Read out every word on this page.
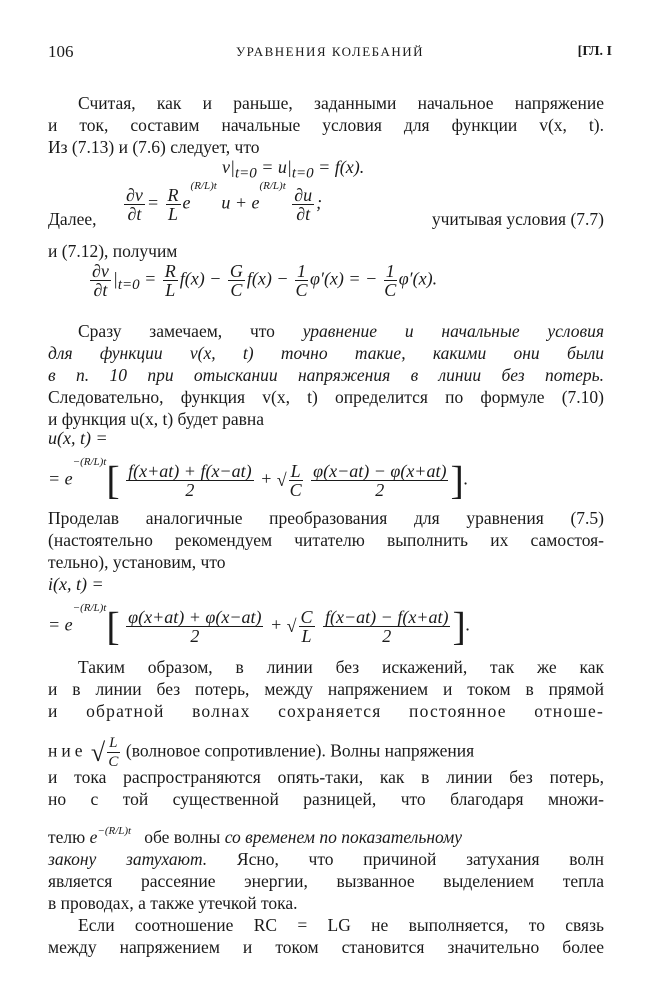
106	УРАВНЕНИЯ КОЛЕБАНИЙ	[ГЛ. I
Считая, как и раньше, заданными начальное напряжение
и ток, составим начальные условия для функции v(x, t).
Из (7.13) и (7.6) следует, что
$v|_{t=0} = u|_{t=0} = f(x)$.
Далее, $\frac{\partial v}{\partial t} = \frac{R}{L} e^{(R/L)t}$ $u + e^{(R/L)t} \frac{\partial u}{\partial t}$ ;
учитывая условия (7.7)
и (7.12), получим
$\frac{\partial v}{\partial t} |_{t=0} = \frac{R}{L} f(x) - \frac{G}{C} f(x) - \frac{1}{C} \varphi'(x)$ = − $\frac{1}{C} \varphi'(x)$.
Сразу замечаем, что уравнение и начальные условия
для функции v(x, t) точно такие, какими они были
в п. 10 при отыскании напряжения в линии без потерь.
Следовательно, функция v(x, t) определится по формуле (7.10)
и функция u(x, t) будет равна
u(x, t) =
= $e^{-(R/L)t}[ \frac{f(x+at) + f(x-at)}{2}$ + √ $\frac{L}{C}$
$\frac{\varphi(x-at) - \varphi(x+at)}{2}$ ].
Проделав аналогичные преобразования для уравнения (7.5)
(настоятельно рекомендуем читателю выполнить их самостоя-
тельно), установим, что
i(x, t) =
= $e^{-(R/L)t}[ \frac{\varphi(x+at) + \varphi(x-at)}{2}$ + √ $\frac{C}{L}$
$\frac{f(x-at) - f(x+at)}{2}$ ].
Таким образом, в линии без искажений, так же как
и в линии без потерь, между напряжением и током в прямой
и обратной волнах сохраняется постоянное отноше-
ние √ $\frac{L}{C}$ (волновое сопротивление). Волны напряжения
и тока распространяются опять-таки, как в линии без потерь,
но с той существенной разницей, что благодаря множи-
телю $e^{-(R/L)t}$ обе волны со временем по показательному
закону затухают. Ясно, что причиной затухания волн
является рассеяние энергии, вызванное выделением тепла
в проводах, а также утечкой тока.
Если соотношение RC = LG не выполняется, то связь
между напряжением и током становится значительно более
